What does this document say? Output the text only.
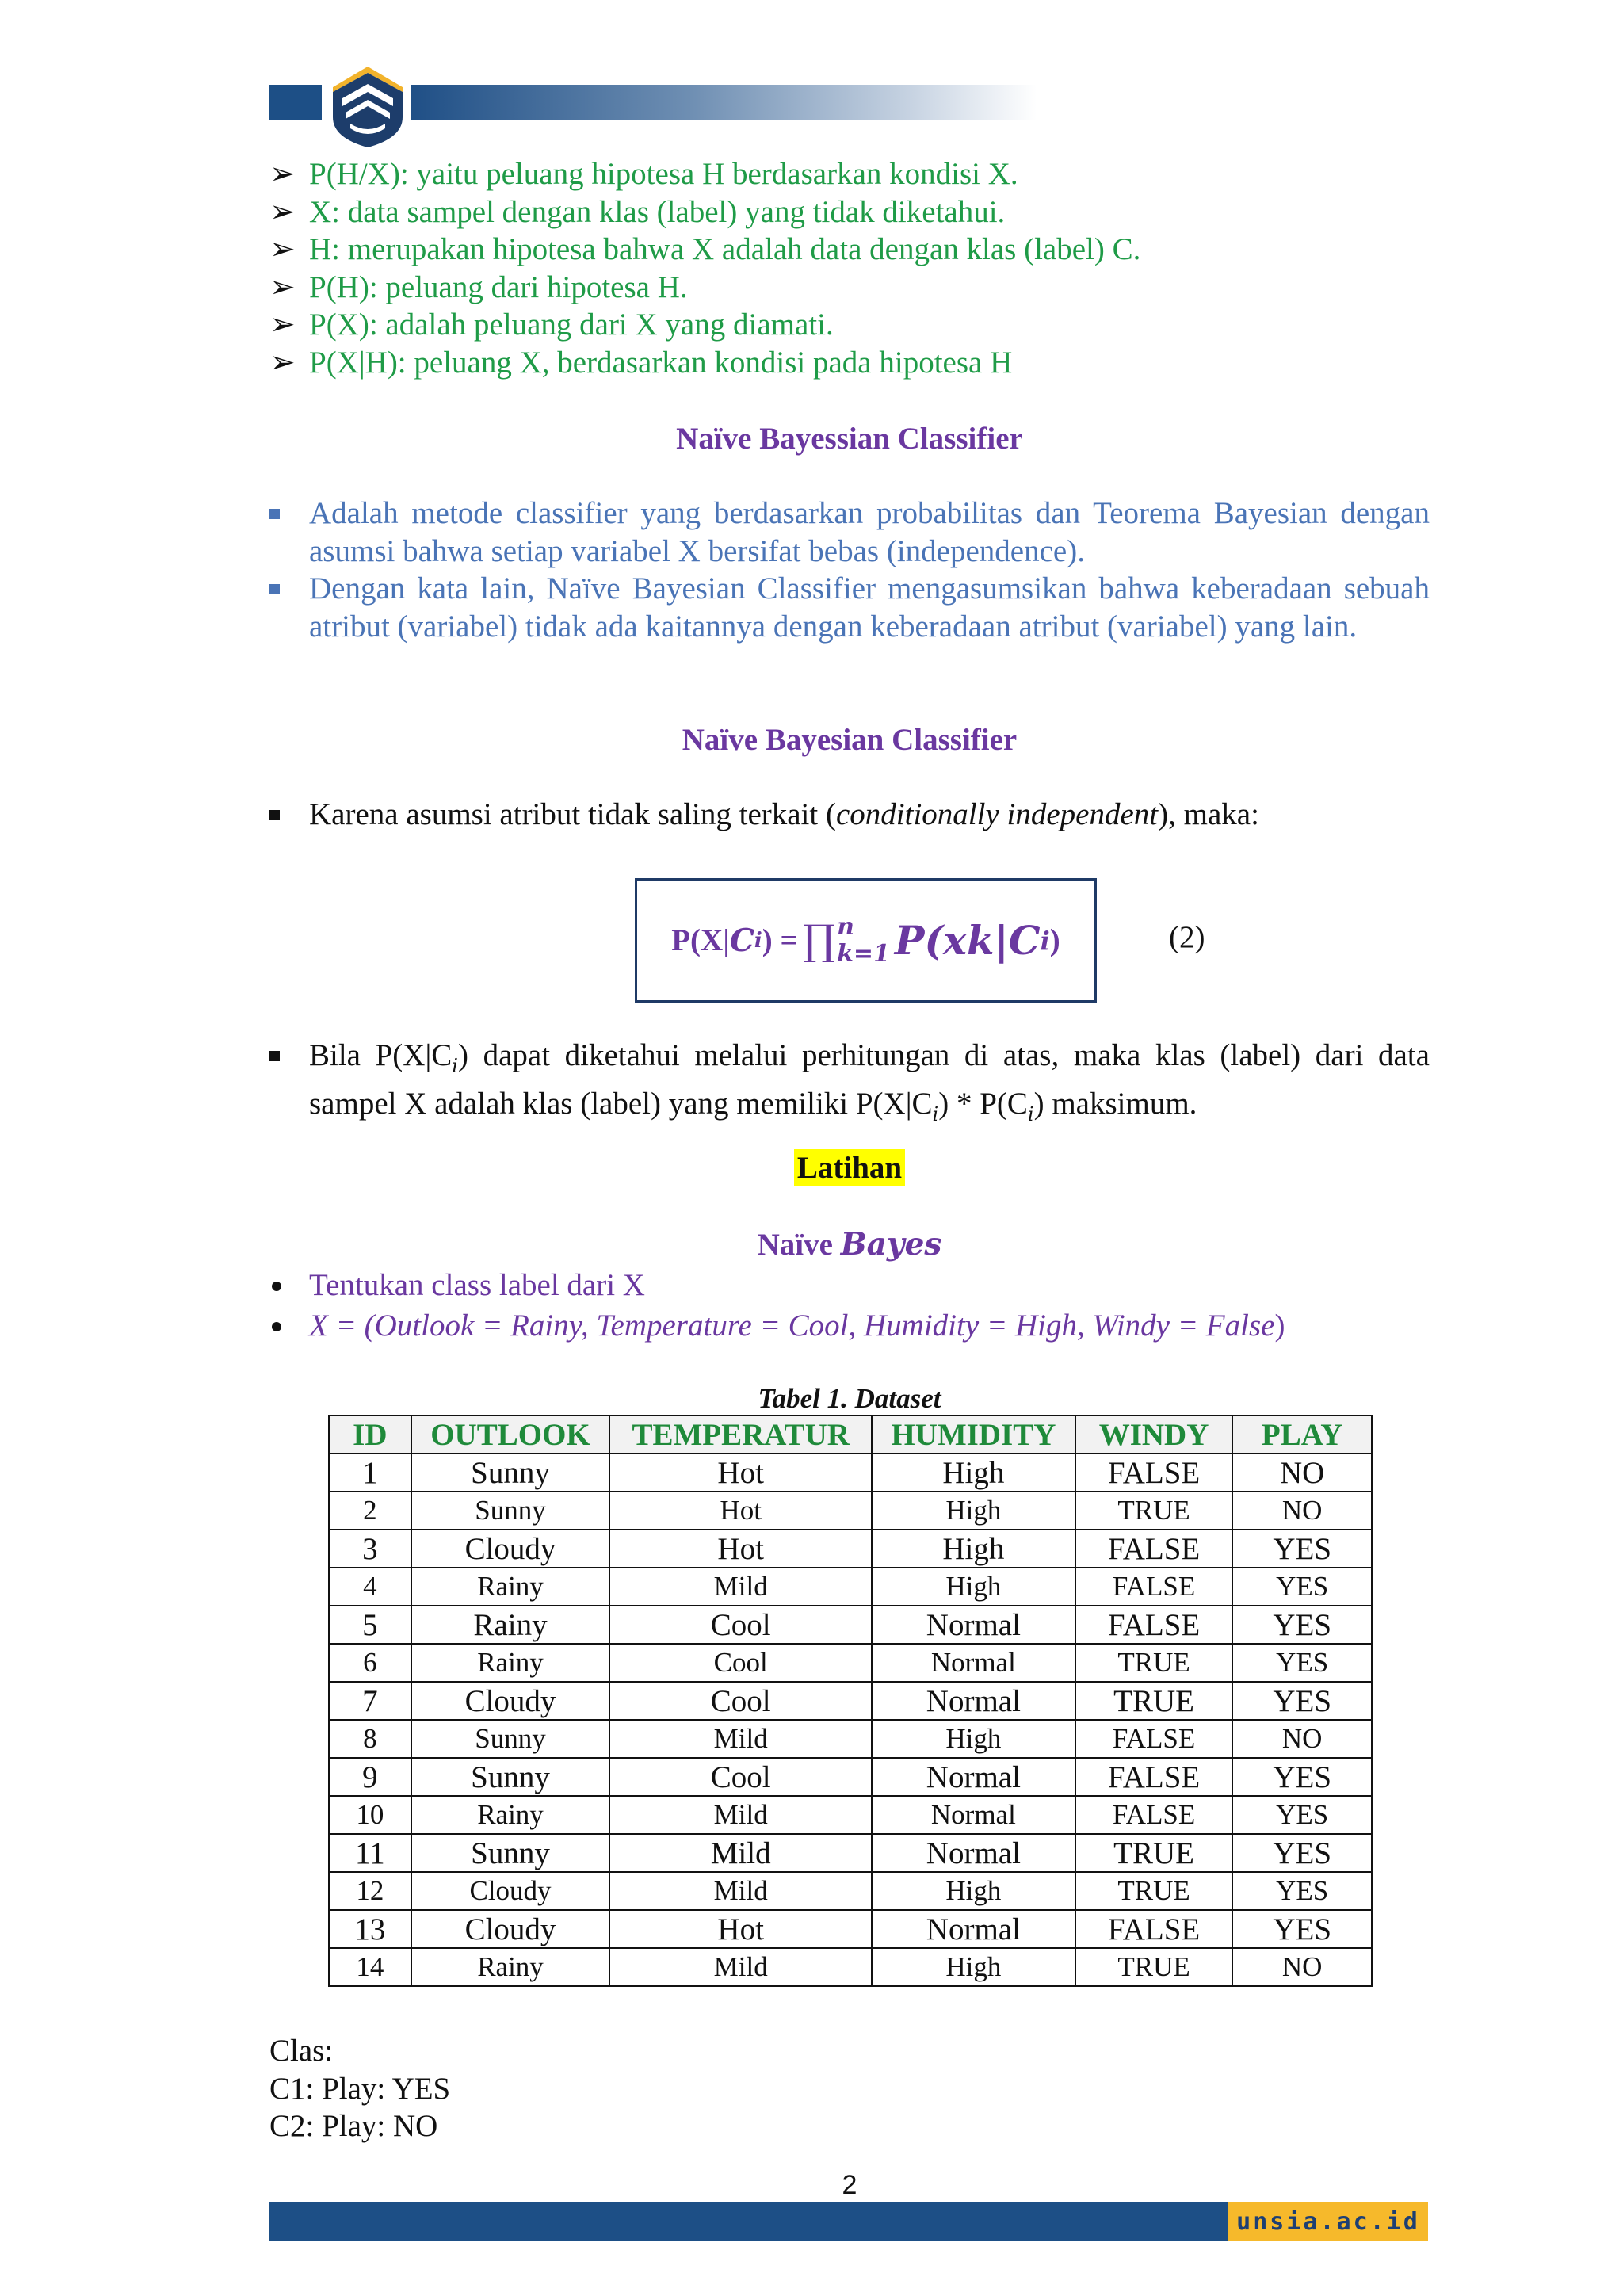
➢ P(H/X): yaitu peluang hipotesa H berdasarkan kondisi X.
➢ X: data sampel dengan klas (label) yang tidak diketahui.
➢ H: merupakan hipotesa bahwa X adalah data dengan klas (label) C.
➢ P(H): peluang dari hipotesa H.
➢ P(X): adalah peluang dari X yang diamati.
➢ P(X|H): peluang X, berdasarkan kondisi pada hipotesa H
Naïve Bayessian Classifier
Adalah metode classifier yang berdasarkan probabilitas dan Teorema Bayesian dengan asumsi bahwa setiap variabel X bersifat bebas (independence).
Dengan kata lain, Naïve Bayesian Classifier mengasumsikan bahwa keberadaan sebuah atribut (variabel) tidak ada kaitannya dengan keberadaan atribut (variabel) yang lain.
Naïve Bayesian Classifier
Karena asumsi atribut tidak saling terkait (conditionally independent), maka:
P(X| C i ) = ∏ n
k=1 P(xk|C i )	(2)
Bila $P(X|C_i)$ dapat diketahui melalui perhitungan di atas, maka klas (label) dari data sampel X adalah klas (label) yang memiliki $P(X|C_i) * P(C_i)$ maksimum.
Latihan
Naïve Bayes
Tentukan class label dari X
X = (Outlook = Rainy, Temperature = Cool, Humidity = High, Windy = False)
Tabel 1. Dataset
ID	OUTLOOK	TEMPERATUR	HUMIDITY	WINDY	PLAY
1	Sunny	Hot	High	FALSE	NO
2	Sunny	Hot	High	TRUE	NO
3	Cloudy	Hot	High	FALSE	YES
4	Rainy	Mild	High	FALSE	YES
5	Rainy	Cool	Normal	FALSE	YES
6	Rainy	Cool	Normal	TRUE	YES
7	Cloudy	Cool	Normal	TRUE	YES
8	Sunny	Mild	High	FALSE	NO
9	Sunny	Cool	Normal	FALSE	YES
10	Rainy	Mild	Normal	FALSE	YES
11	Sunny	Mild	Normal	TRUE	YES
12	Cloudy	Mild	High	TRUE	YES
13	Cloudy	Hot	Normal	FALSE	YES
14	Rainy	Mild	High	TRUE	NO
Clas:
C1: Play: YES
C2: Play: NO
2
unsia.ac.id
